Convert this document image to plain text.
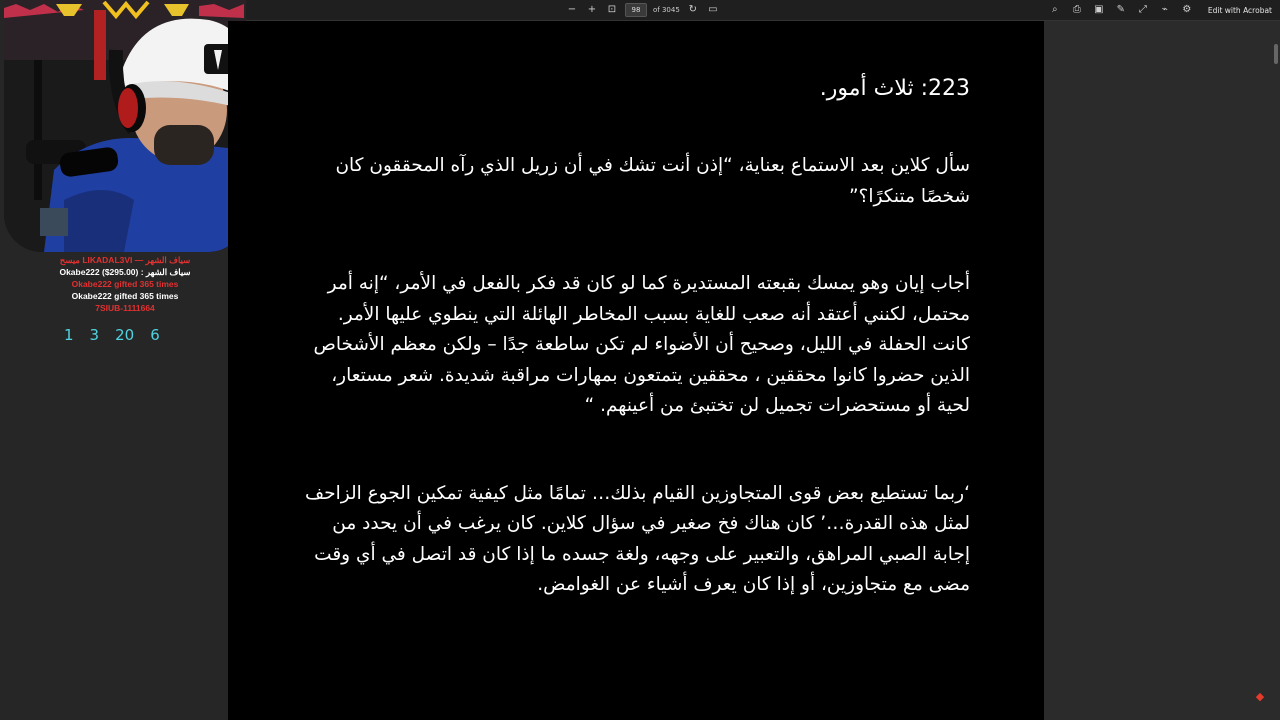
− + ⊡	98	of 3045 ↻ ▭	⌕	⎙	▣ ✎	⤢	⌁	⚙	Edit with Acrobat
ميسح LIKADAL3VI — سياف الشهر
Okabe222 ($295.00) : سياف الشهر
Okabe222 gifted 365 times
Okabe222 gifted 365 times
7SIUB-1111664
1 3 20 6
223: ثلاث أمور.

سأل كلاين بعد الاستماع بعناية، “إذن أنت تشك في أن زريل الذي رآه المحققون كان شخصًا متنكرًا؟”

أجاب إيان وهو يمسك بقبعته المستديرة كما لو كان قد فكر بالفعل في الأمر، “إنه أمر محتمل، لكنني أعتقد أنه صعب للغاية بسبب المخاطر الهائلة التي ينطوي عليها الأمر. كانت الحفلة في الليل، وصحيح أن الأضواء لم تكن ساطعة جدًا – ولكن معظم الأشخاص الذين حضروا كانوا محققين ، محققين يتمتعون بمهارات مراقبة شديدة. شعر مستعار، لحية أو مستحضرات تجميل لن تختبئ من أعينهم. “

‘ربما تستطيع بعض قوى المتجاوزين القيام بذلك… تمامًا مثل كيفية تمكين الجوع الزاحف لمثل هذه القدرة…’ كان هناك فخ صغير في سؤال كلاين. كان يرغب في أن يحدد من إجابة الصبي المراهق، والتعبير على وجهه، ولغة جسده ما إذا كان قد اتصل في أي وقت مضى مع متجاوزين، أو إذا كان يعرف أشياء عن الغوامض.

◆
